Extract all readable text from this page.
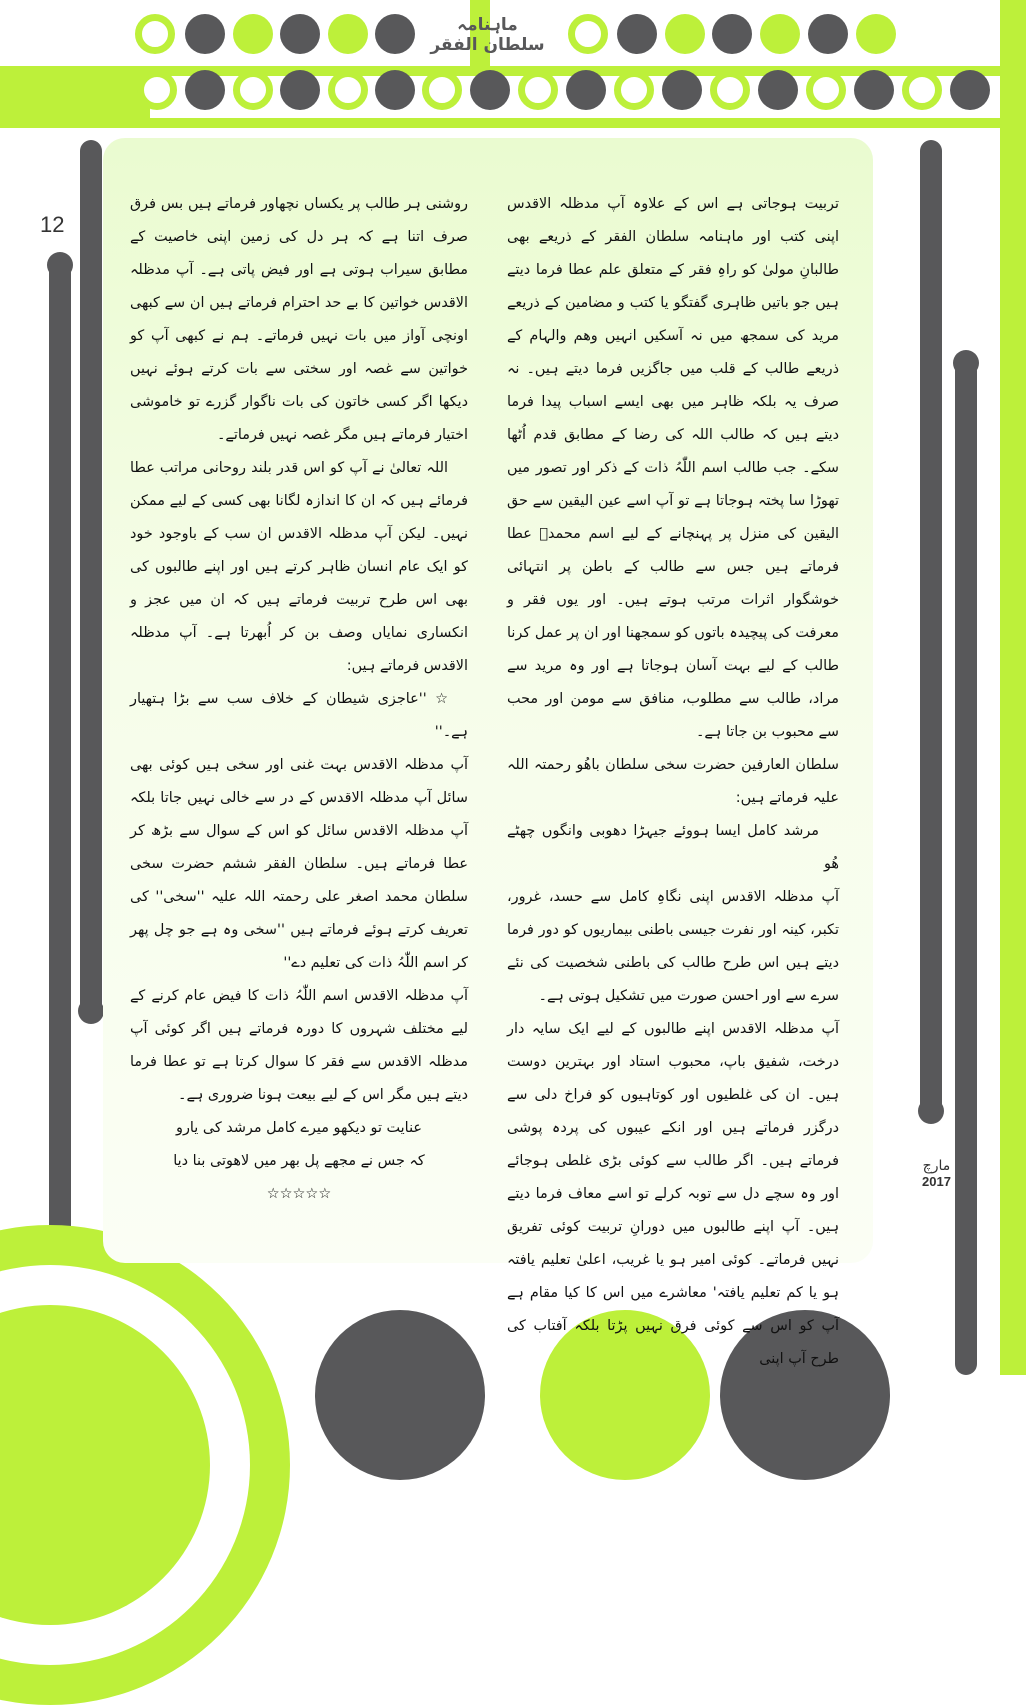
ماہنامہ سلطان الفقر
12
مارچ
2017

تربیت ہوجاتی ہے اس کے علاوہ آپ مدظلہ الاقدس اپنی کتب اور ماہنامہ سلطان الفقر کے ذریعے بھی طالبانِ مولیٰ کو راہِ فقر کے متعلق علم عطا فرما دیتے ہیں جو باتیں ظاہری گفتگو یا کتب و مضامین کے ذریعے مرید کی سمجھ میں نہ آسکیں انہیں وھم والہام کے ذریعے طالب کے قلب میں جاگزیں فرما دیتے ہیں۔ نہ صرف یہ بلکہ ظاہر میں بھی ایسے اسباب پیدا فرما دیتے ہیں کہ طالب اللہ کی رضا کے مطابق قدم اُٹھا سکے۔ جب طالب اسم اللّٰہُ ذات کے ذکر اور تصور میں تھوڑا سا پختہ ہوجاتا ہے تو آپ اسے عین الیقین سے حق الیقین کی منزل پر پہنچانے کے لیے اسم محمدؐ عطا فرماتے ہیں جس سے طالب کے باطن پر انتہائی خوشگوار اثرات مرتب ہوتے ہیں۔ اور یوں فقر و معرفت کی پیچیدہ باتوں کو سمجھنا اور ان پر عمل کرنا طالب کے لیے بہت آسان ہوجاتا ہے اور وہ مرید سے مراد، طالب سے مطلوب، منافق سے مومن اور محب سے محبوب بن جاتا ہے۔

سلطان العارفین حضرت سخی سلطان باھُو رحمتہ اللہ علیہ فرماتے ہیں:

مرشد کامل ایسا ہووئے جیہڑا دھوبی وانگوں چھٹے ھُو

آپ مدظلہ الاقدس اپنی نگاہِ کامل سے حسد، غرور، تکبر، کینہ اور نفرت جیسی باطنی بیماریوں کو دور فرما دیتے ہیں اس طرح طالب کی باطنی شخصیت کی نئے سرے سے اور احسن صورت میں تشکیل ہوتی ہے۔

آپ مدظلہ الاقدس اپنے طالبوں کے لیے ایک سایہ دار درخت، شفیق باپ، محبوب استاد اور بہترین دوست ہیں۔ ان کی غلطیوں اور کوتاہیوں کو فراخ دلی سے درگزر فرماتے ہیں اور انکے عیبوں کی پردہ پوشی فرماتے ہیں۔ اگر طالب سے کوئی بڑی غلطی ہوجائے اور وہ سچے دل سے توبہ کرلے تو اسے معاف فرما دیتے ہیں۔ آپ اپنے طالبوں میں دورانِ تربیت کوئی تفریق نہیں فرماتے۔ کوئی امیر ہو یا غریب، اعلیٰ تعلیم یافتہ ہو یا کم تعلیم یافتہ' معاشرے میں اس کا کیا مقام ہے آپ کو اس سے کوئی فرق نہیں پڑتا بلکہ آفتاب کی طرح آپ اپنی

روشنی ہر طالب پر یکساں نچھاور فرماتے ہیں بس فرق صرف اتنا ہے کہ ہر دل کی زمین اپنی خاصیت کے مطابق سیراب ہوتی ہے اور فیض پاتی ہے۔ آپ مدظلہ الاقدس خواتین کا بے حد احترام فرماتے ہیں ان سے کبھی اونچی آواز میں بات نہیں فرماتے۔ ہم نے کبھی آپ کو خواتین سے غصہ اور سختی سے بات کرتے ہوئے نہیں دیکھا اگر کسی خاتون کی بات ناگوار گزرے تو خاموشی اختیار فرماتے ہیں مگر غصہ نہیں فرماتے۔

اللہ تعالیٰ نے آپ کو اس قدر بلند روحانی مراتب عطا فرمائے ہیں کہ ان کا اندازہ لگانا بھی کسی کے لیے ممکن نہیں۔ لیکن آپ مدظلہ الاقدس ان سب کے باوجود خود کو ایک عام انسان ظاہر کرتے ہیں اور اپنے طالبوں کی بھی اس طرح تربیت فرماتے ہیں کہ ان میں عجز و انکساری نمایاں وصف بن کر اُبھرتا ہے۔ آپ مدظلہ الاقدس فرماتے ہیں:

☆ ''عاجزی شیطان کے خلاف سب سے بڑا ہتھیار ہے۔''

آپ مدظلہ الاقدس بہت غنی اور سخی ہیں کوئی بھی سائل آپ مدظلہ الاقدس کے در سے خالی نہیں جاتا بلکہ آپ مدظلہ الاقدس سائل کو اس کے سوال سے بڑھ کر عطا فرماتے ہیں۔ سلطان الفقر ششم حضرت سخی سلطان محمد اصغر علی رحمتہ اللہ علیہ ''سخی'' کی تعریف کرتے ہوئے فرماتے ہیں ''سخی وہ ہے جو چل پھر کر اسم اللّٰہُ ذات کی تعلیم دے''

آپ مدظلہ الاقدس اسم اللّٰہُ ذات کا فیض عام کرنے کے لیے مختلف شہروں کا دورہ فرماتے ہیں اگر کوئی آپ مدظلہ الاقدس سے فقر کا سوال کرتا ہے تو عطا فرما دیتے ہیں مگر اس کے لیے بیعت ہونا ضروری ہے۔

عنایت تو دیکھو میرے کامل مرشد کی یارو

کہ جس نے مجھے پل بھر میں لاھوتی بنا دیا

☆☆☆☆☆
